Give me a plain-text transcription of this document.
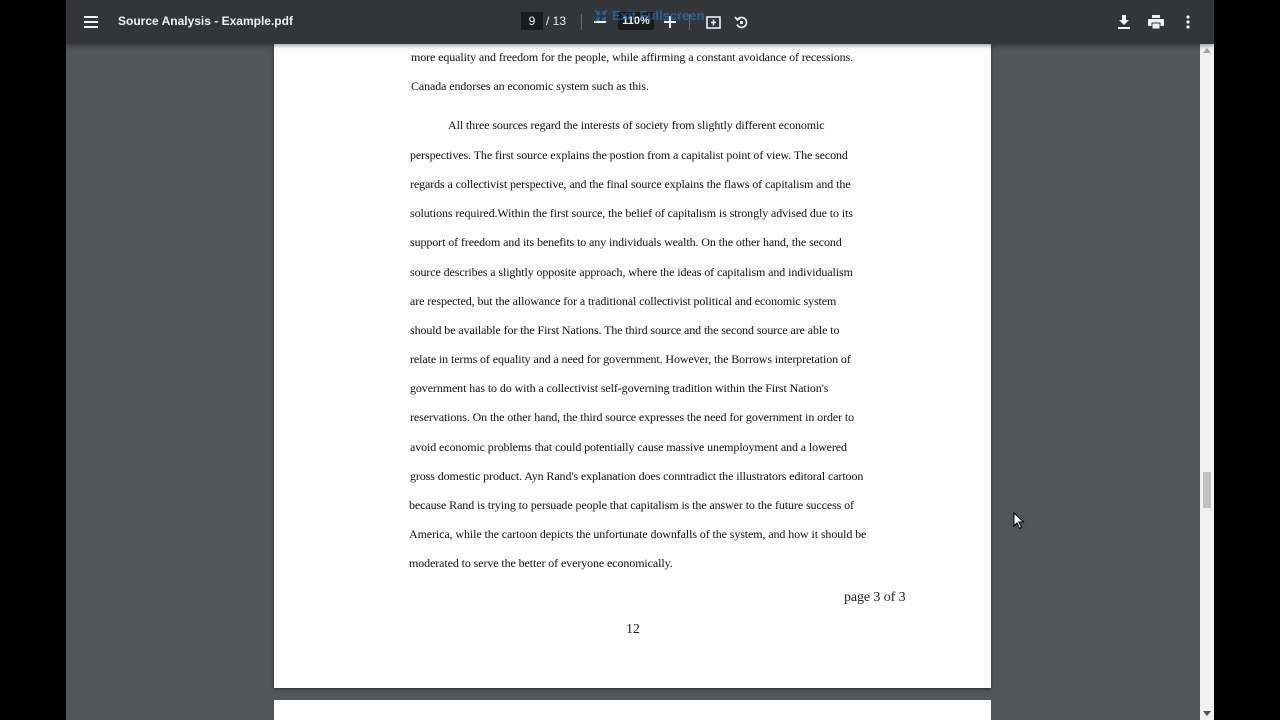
Source Analysis - Example.pdf
9	/ 13
110%	Exit Fullscreen
more equality and freedom for the people, while affirming a constant avoidance of recessions.
Canada endorses an economic system such as this.
All three sources regard the interests of society from slightly different economic
perspectives. The first source explains the postion from a capitalist point of view. The second
regards a collectivist perspective, and the final source explains the flaws of capitalism and the
solutions required.Within the first source, the belief of capitalism is strongly advised due to its
support of freedom and its benefits to any individuals wealth. On the other hand, the second
source describes a slightly opposite approach, where the ideas of capitalism and individualism
are respected, but the allowance for a traditional collectivist political and economic system
should be available for the First Nations. The third source and the second source are able to
relate in terms of equality and a need for government. However, the Borrows interpretation of
government has to do with a collectivist self-governing tradition within the First Nation's
reservations. On the other hand, the third source expresses the need for government in order to
avoid economic problems that could potentially cause massive unemployment and a lowered
gross domestic product. Ayn Rand's explanation does conntradict the illustrators editoral cartoon
because Rand is trying to persuade people that capitalism is the answer to the future success of
America, while the cartoon depicts the unfortunate downfalls of the system, and how it should be
moderated to serve the better of everyone economically.
page 3 of 3
12
